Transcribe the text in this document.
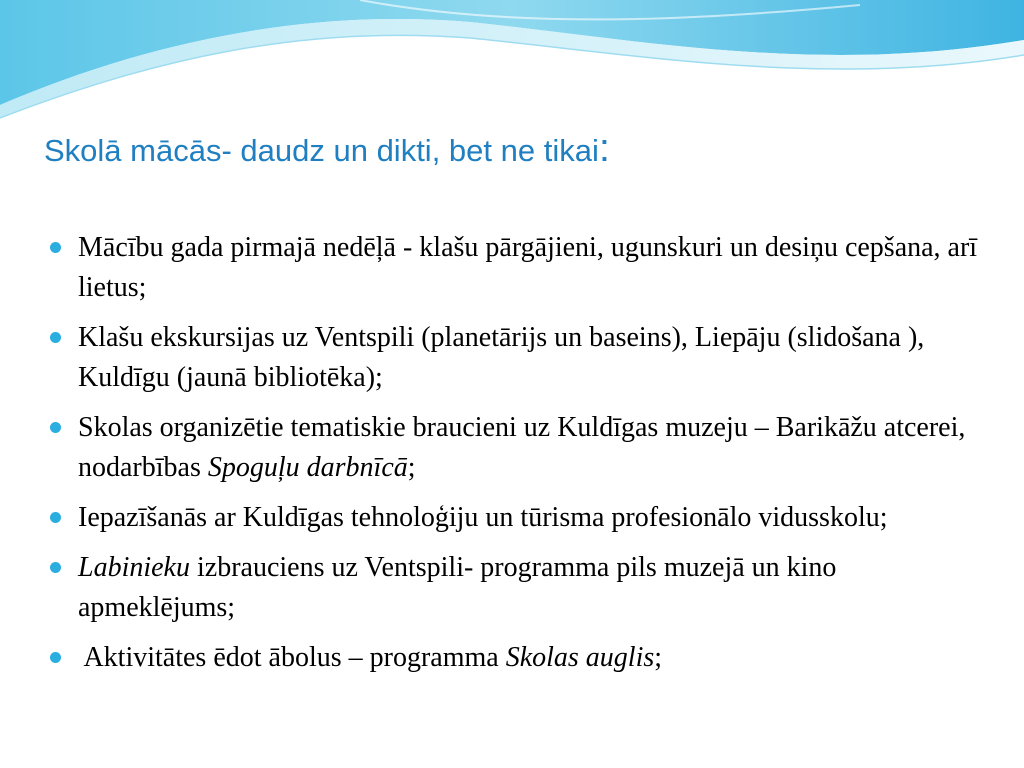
Skolā mācās- daudz un dikti, bet ne tikai:
Mācību gada pirmajā nedēļā - klašu pārgājieni, ugunskuri un desiņu cepšana, arī lietus;
Klašu ekskursijas uz Ventspili (planetārijs un baseins), Liepāju (slidošana ), Kuldīgu (jaunā bibliotēka);
Skolas organizētie tematiskie braucieni uz Kuldīgas muzeju – Barikāžu atcerei, nodarbības Spoguļu darbnīcā;
Iepazīšanās ar Kuldīgas tehnoloģiju un tūrisma profesionālo vidusskolu;
Labinieku izbrauciens uz Ventspili- programma pils muzejā un kino apmeklējums;
Aktivitātes ēdot ābolus – programma Skolas auglis;
